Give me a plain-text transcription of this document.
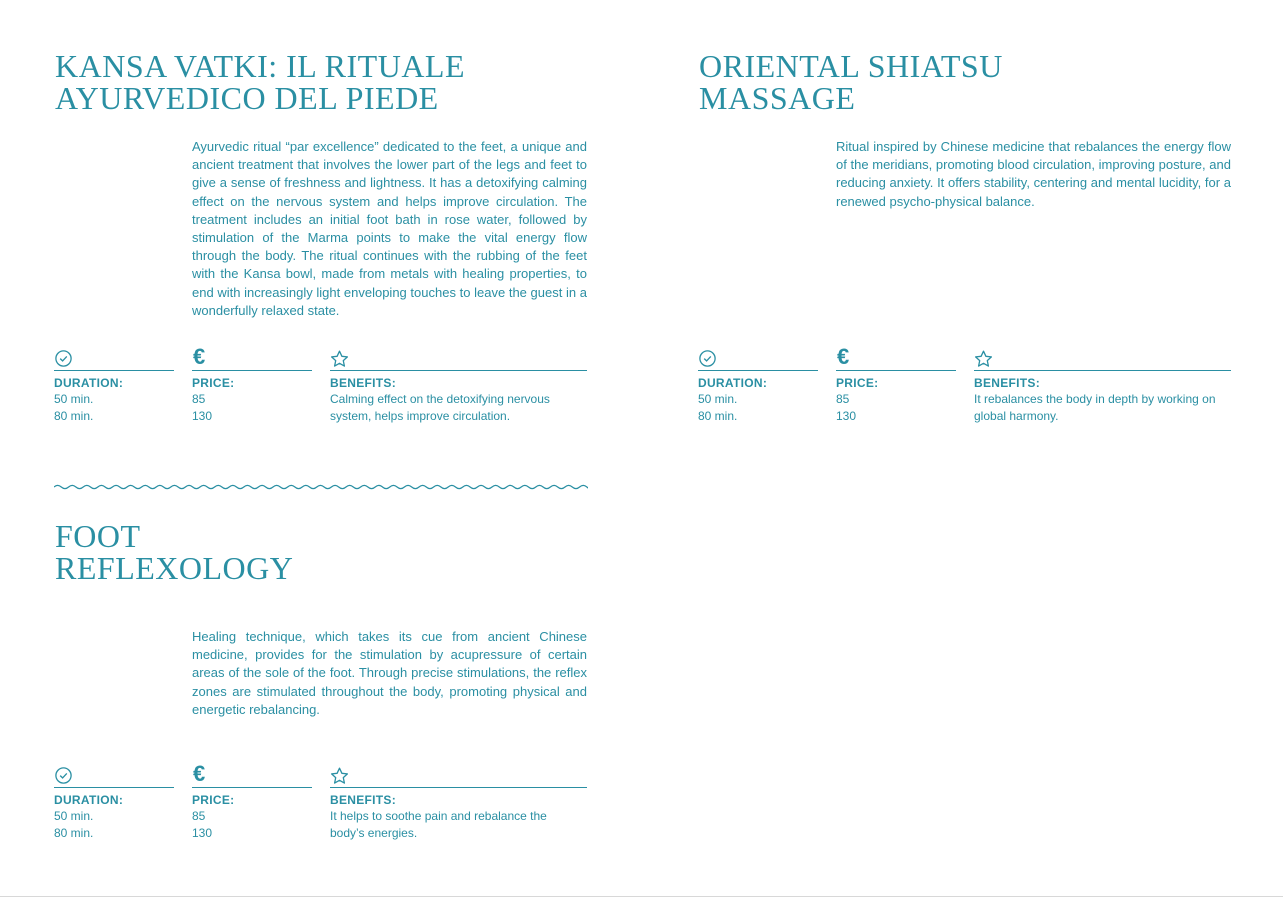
KANSA VATKI: IL RITUALE
AYURVEDICO DEL PIEDE

Ayurvedic ritual “par excellence” dedicated to the feet, a unique and ancient treatment that involves the lower part of the legs and feet to give a sense of freshness and lightness. It has a detoxifying calming effect on the nervous system and helps improve circulation. The treatment includes an initial foot bath in rose water, followed by stimulation of the Marma points to make the vital energy flow through the body. The ritual continues with the rubbing of the feet with the Kansa bowl, made from metals with healing properties, to end with increasingly light enveloping touches to leave the guest in a wonderfully relaxed state.

DURATION:
50 min.
80 min.
€
PRICE:
85
130
BENEFITS:
Calming effect on the detoxifying nervous
system, helps improve circulation.
ORIENTAL SHIATSU
MASSAGE

Ritual inspired by Chinese medicine that rebalances the energy flow of the meridians, promoting blood circulation, improving posture, and reducing anxiety. It offers stability, centering and mental lucidity, for a renewed psycho-physical balance.

DURATION:
50 min.
80 min.
€
PRICE:
85
130
BENEFITS:
It rebalances the body in depth by working on
global harmony.
FOOT
REFLEXOLOGY

Healing technique, which takes its cue from ancient Chinese medicine, provides for the stimulation by acupressure of certain areas of the sole of the foot. Through precise stimulations, the reflex zones are stimulated throughout the body, promoting physical and energetic rebalancing.

DURATION:
50 min.
80 min.
€
PRICE:
85
130
BENEFITS:
It helps to soothe pain and rebalance the
body’s energies.
